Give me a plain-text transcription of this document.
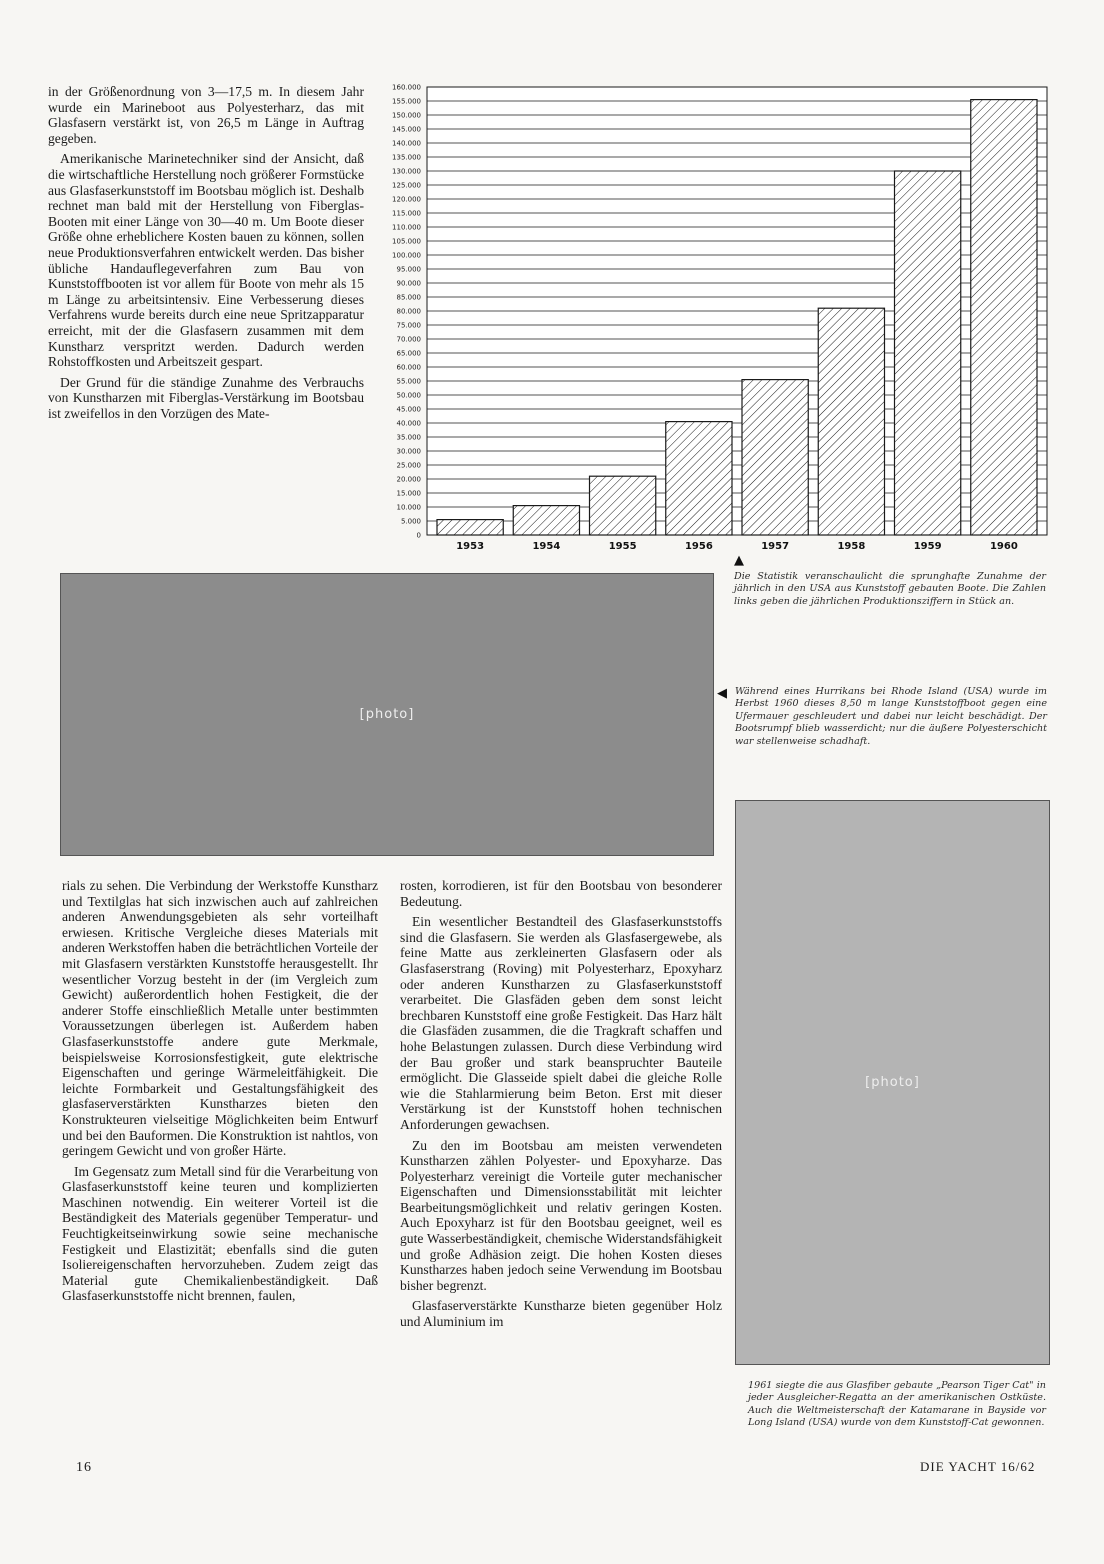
in der Größenordnung von 3—17,5 m. In diesem Jahr wurde ein Marineboot aus Polyesterharz, das mit Glasfasern verstärkt ist, von 26,5 m Länge in Auftrag gegeben.

Amerikanische Marinetechniker sind der Ansicht, daß die wirtschaftliche Herstellung noch größerer Formstücke aus Glasfaserkunststoff im Bootsbau möglich ist. Deshalb rechnet man bald mit der Herstellung von Fiberglas-Booten mit einer Länge von 30—40 m. Um Boote dieser Größe ohne erheblichere Kosten bauen zu können, sollen neue Produktionsverfahren entwickelt werden. Das bisher übliche Handauflegeverfahren zum Bau von Kunststoffbooten ist vor allem für Boote von mehr als 15 m Länge zu arbeitsintensiv. Eine Verbesserung dieses Verfahrens wurde bereits durch eine neue Spritzapparatur erreicht, mit der die Glasfasern zusammen mit dem Kunstharz verspritzt werden. Dadurch werden Rohstoffkosten und Arbeitszeit gespart.

Der Grund für die ständige Zunahme des Verbrauchs von Kunstharzen mit Fiberglas-Verstärkung im Bootsbau ist zweifellos in den Vorzügen des Mate-

0
5.000
10.000
15.000
20.000
25.000
30.000
35.000
40.000
45.000
50.000
55.000
60.000
65.000
70.000
75.000
80.000
85.000
90.000
95.000
100.000
105.000
110.000
115.000
120.000
125.000
130.000
135.000
140.000
145.000
150.000
155.000
160.000
1953	1954	1955	1956	1957	1958	1959	1960
▲
Die Statistik veranschaulicht die sprunghafte Zunahme der jährlich in den USA aus Kunststoff gebauten Boote. Die Zahlen links geben die jährlichen Produktionsziffern in Stück an.
[photo]
◀ Während eines Hurrikans bei Rhode Island (USA) wurde im Herbst 1960 dieses 8,50 m lange Kunststoffboot gegen eine Ufermauer geschleudert und dabei nur leicht beschädigt. Der Bootsrumpf blieb wasserdicht; nur die äußere Polyesterschicht war stellenweise schadhaft.

rials zu sehen. Die Verbindung der Werkstoffe Kunstharz und Textilglas hat sich inzwischen auch auf zahlreichen anderen Anwendungsgebieten als sehr vorteilhaft erwiesen. Kritische Vergleiche dieses Materials mit anderen Werkstoffen haben die beträchtlichen Vorteile der mit Glasfasern verstärkten Kunststoffe herausgestellt. Ihr wesentlicher Vorzug besteht in der (im Vergleich zum Gewicht) außerordentlich hohen Festigkeit, die der anderer Stoffe einschließlich Metalle unter bestimmten Voraussetzungen überlegen ist. Außerdem haben Glasfaserkunststoffe andere gute Merkmale, beispielsweise Korrosionsfestigkeit, gute elektrische Eigenschaften und geringe Wärmeleitfähigkeit. Die leichte Formbarkeit und Gestaltungsfähigkeit des glasfaserverstärkten Kunstharzes bieten den Konstrukteuren vielseitige Möglichkeiten beim Entwurf und bei den Bauformen. Die Konstruktion ist nahtlos, von geringem Gewicht und von großer Härte.

Im Gegensatz zum Metall sind für die Verarbeitung von Glasfaserkunststoff keine teuren und komplizierten Maschinen notwendig. Ein weiterer Vorteil ist die Beständigkeit des Materials gegenüber Temperatur- und Feuchtigkeitseinwirkung sowie seine mechanische Festigkeit und Elastizität; ebenfalls sind die guten Isoliereigenschaften hervorzuheben. Zudem zeigt das Material gute Chemikalienbeständigkeit. Daß Glasfaserkunststoffe nicht brennen, faulen,

rosten, korrodieren, ist für den Bootsbau von besonderer Bedeutung.

Ein wesentlicher Bestandteil des Glasfaserkunststoffs sind die Glasfasern. Sie werden als Glasfasergewebe, als feine Matte aus zerkleinerten Glasfasern oder als Glasfaserstrang (Roving) mit Polyesterharz, Epoxyharz oder anderen Kunstharzen zu Glasfaserkunststoff verarbeitet. Die Glasfäden geben dem sonst leicht brechbaren Kunststoff eine große Festigkeit. Das Harz hält die Glasfäden zusammen, die die Tragkraft schaffen und hohe Belastungen zulassen. Durch diese Verbindung wird der Bau großer und stark beanspruchter Bauteile ermöglicht. Die Glasseide spielt dabei die gleiche Rolle wie die Stahlarmierung beim Beton. Erst mit dieser Verstärkung ist der Kunststoff hohen technischen Anforderungen gewachsen.

Zu den im Bootsbau am meisten verwendeten Kunstharzen zählen Polyester- und Epoxyharze. Das Polyesterharz vereinigt die Vorteile guter mechanischer Eigenschaften und Dimensionsstabilität mit leichter Bearbeitungsmöglichkeit und relativ geringen Kosten. Auch Epoxyharz ist für den Bootsbau geeignet, weil es gute Wasserbeständigkeit, chemische Widerstandsfähigkeit und große Adhäsion zeigt. Die hohen Kosten dieses Kunstharzes haben jedoch seine Verwendung im Bootsbau bisher begrenzt.

Glasfaserverstärkte Kunstharze bieten gegenüber Holz und Aluminium im

[photo]
1961 siegte die aus Glasfiber gebaute „Pearson Tiger Cat" in jeder Ausgleicher-Regatta an der amerikanischen Ostküste. Auch die Weltmeisterschaft der Katamarane in Bayside vor Long Island (USA) wurde von dem Kunststoff-Cat gewonnen.
16	DIE YACHT 16/62
